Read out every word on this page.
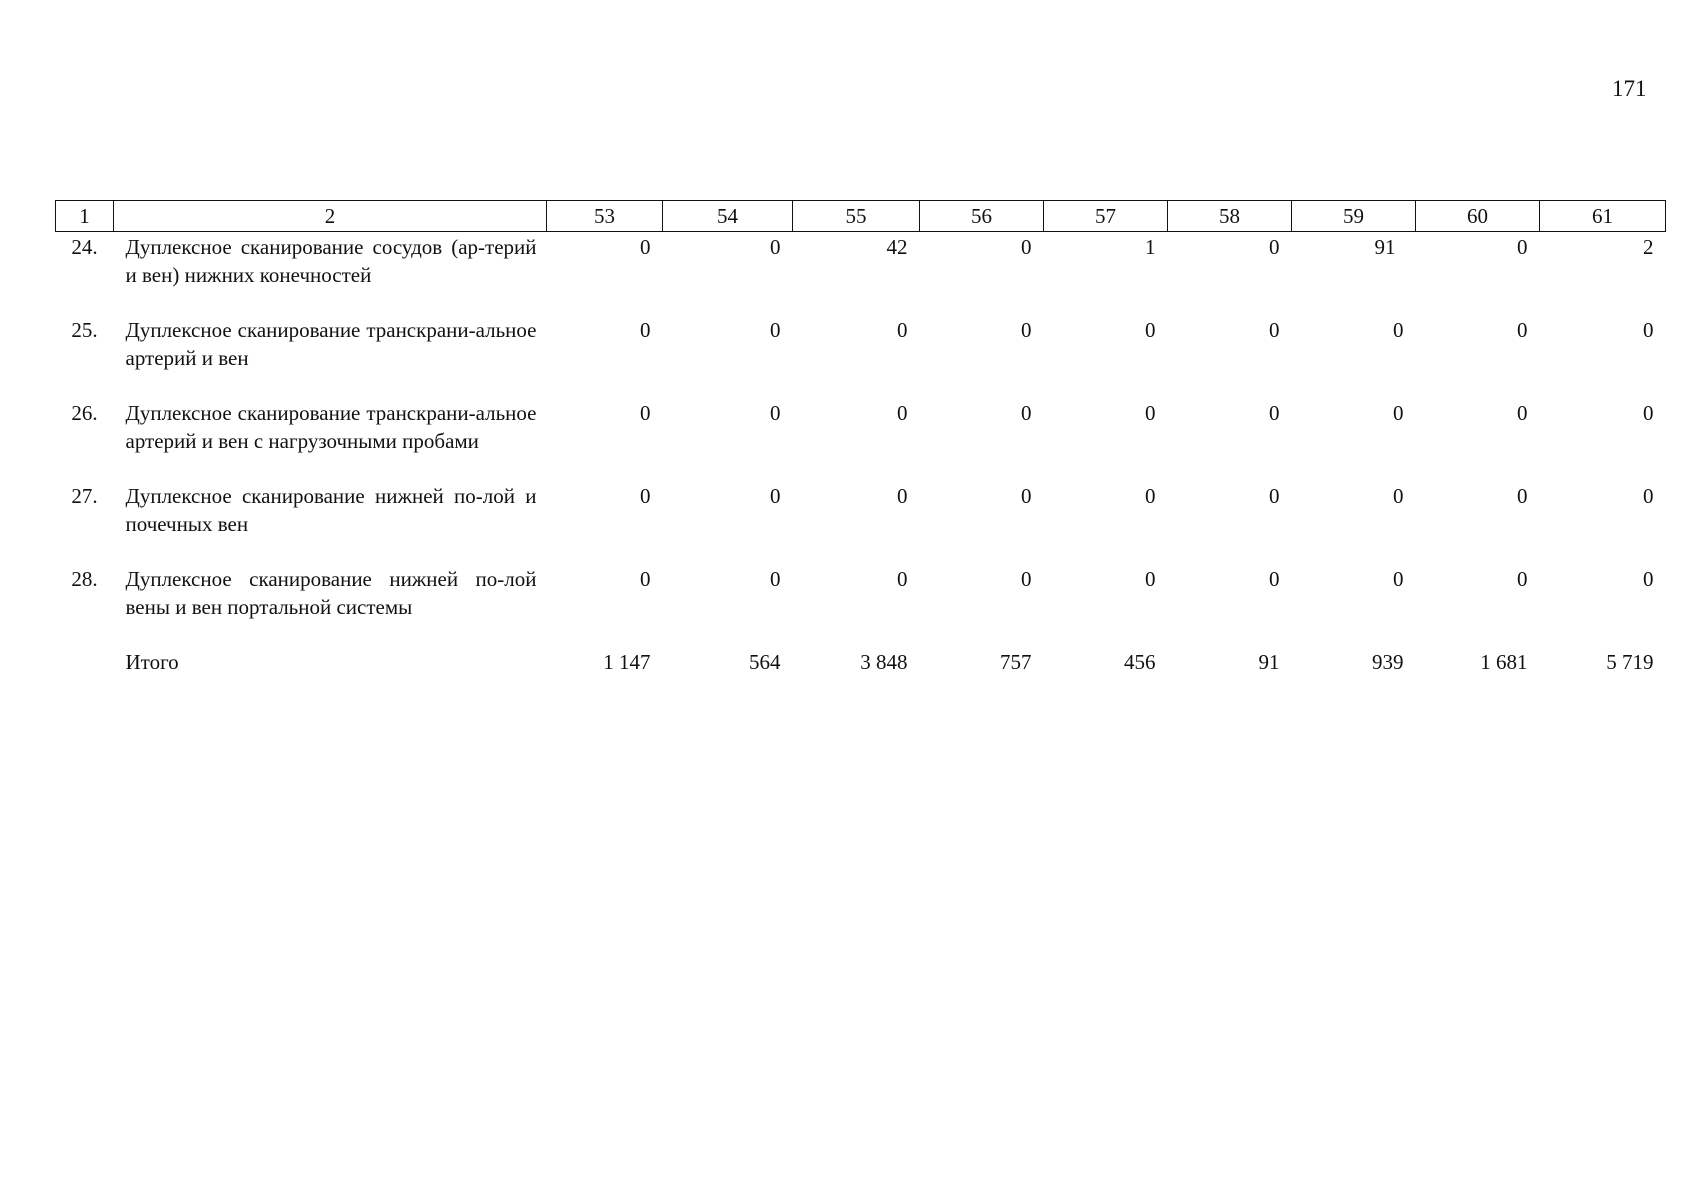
171
1	2	53	54	55	56	57	58	59	60	61
24.	Дуплексное сканирование сосудов (ар-терий и вен) нижних конечностей	0	0	42	0	1	0	91	0	2
25.	Дуплексное сканирование транскрани-альное артерий и вен	0	0	0	0	0	0	0	0	0
26.	Дуплексное сканирование транскрани-альное артерий и вен с нагрузочными пробами	0	0	0	0	0	0	0	0	0
27.	Дуплексное сканирование нижней по-лой и почечных вен	0	0	0	0	0	0	0	0	0
28.	Дуплексное сканирование нижней по-лой вены и вен портальной системы	0	0	0	0	0	0	0	0	0
	Итого	1 147	564	3 848	757	456	91	939	1 681	5 719
